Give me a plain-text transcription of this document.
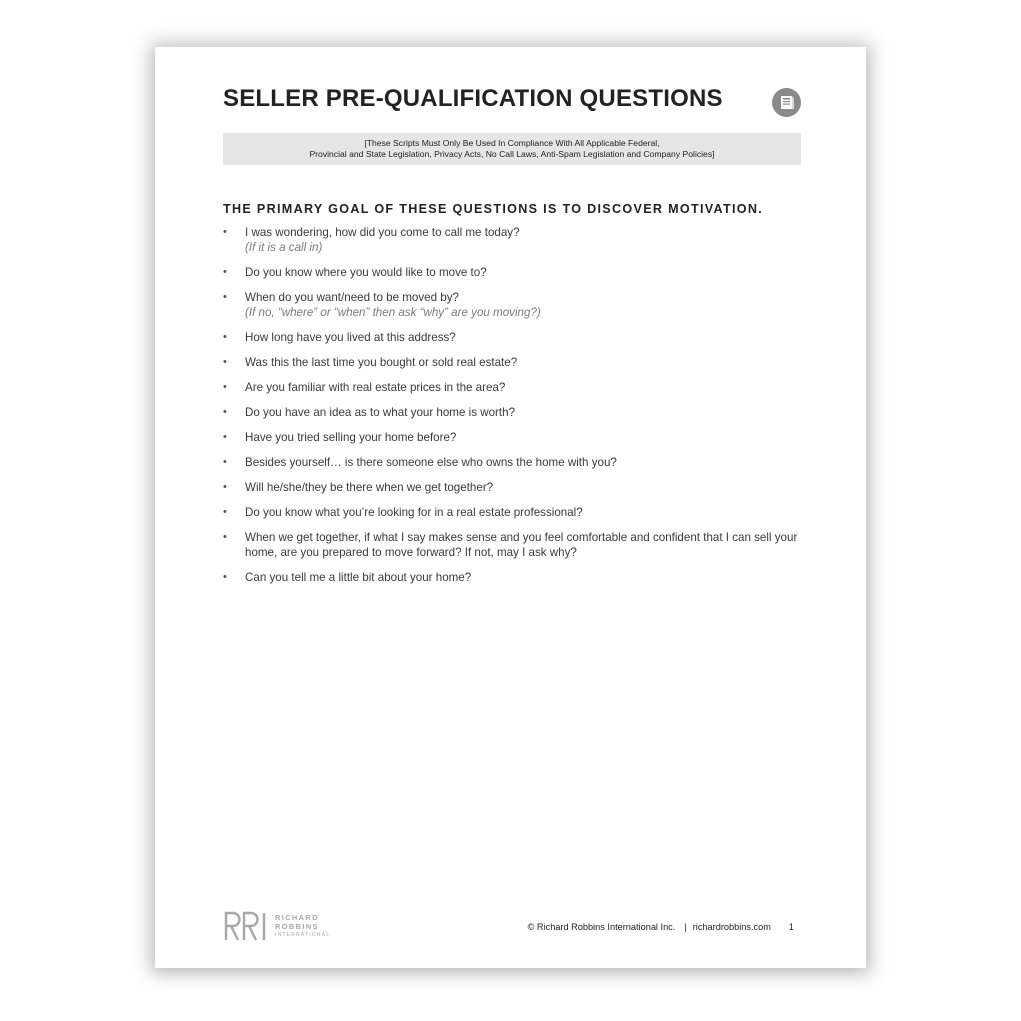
SELLER PRE-QUALIFICATION QUESTIONS

[These Scripts Must Only Be Used In Compliance With All Applicable Federal,
Provincial and State Legislation, Privacy Acts, No Call Laws, Anti-Spam Legislation and Company Policies]

THE PRIMARY GOAL OF THESE QUESTIONS IS TO DISCOVER MOTIVATION.
• I was wondering, how did you come to call me today?
(If it is a call in)
• Do you know where you would like to move to?
• When do you want/need to be moved by?
(If no, “where” or “when” then ask “why” are you moving?)
• How long have you lived at this address?
• Was this the last time you bought or sold real estate?
• Are you familiar with real estate prices in the area?
• Do you have an idea as to what your home is worth?
• Have you tried selling your home before?
• Besides yourself… is there someone else who owns the home with you?
• Will he/she/they be there when we get together?
• Do you know what you’re looking for in a real estate professional?
• When we get together, if what I say makes sense and you feel comfortable and confident that I can sell your home, are you prepared to move forward? If not, may I ask why?
• Can you tell me a little bit about your home?
RICHARD
ROBBINS
INTERNATIONAL
© Richard Robbins International Inc. | richardrobbins.com 1
